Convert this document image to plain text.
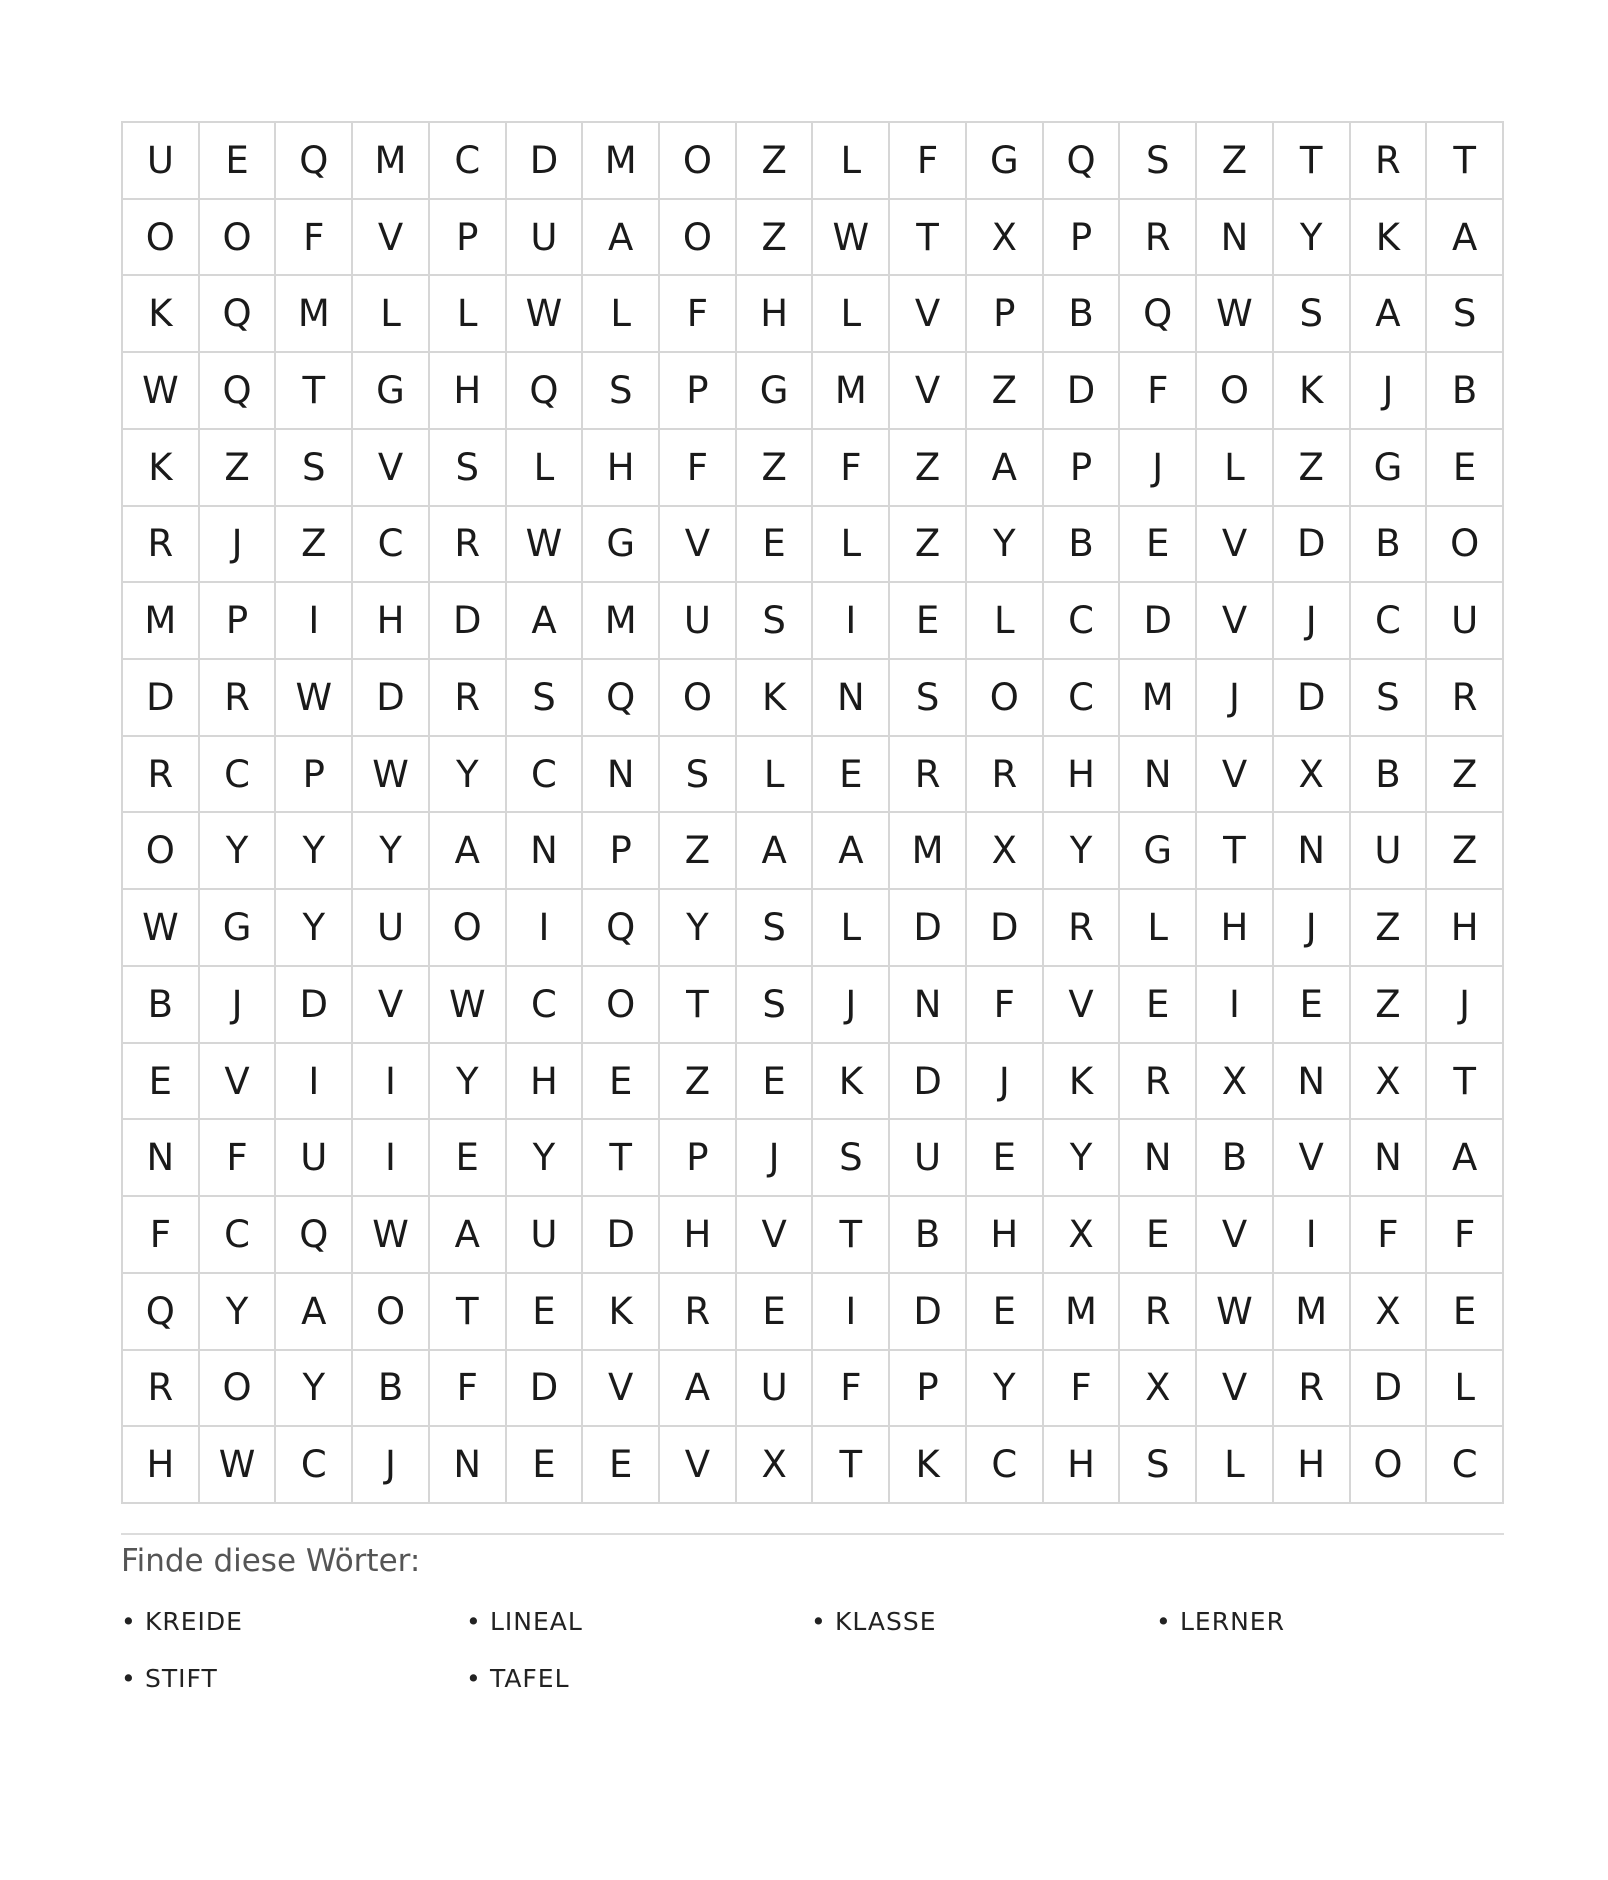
U	E	Q	M	C	D	M	O	Z	L	F	G	Q	S	Z	T	R	T
O	O	F	V	P	U	A	O	Z	W	T	X	P	R	N	Y	K	A
K	Q	M	L	L	W	L	F	H	L	V	P	B	Q	W	S	A	S
W	Q	T	G	H	Q	S	P	G	M	V	Z	D	F	O	K	J	B
K	Z	S	V	S	L	H	F	Z	F	Z	A	P	J	L	Z	G	E
R	J	Z	C	R	W	G	V	E	L	Z	Y	B	E	V	D	B	O
M	P	I	H	D	A	M	U	S	I	E	L	C	D	V	J	C	U
D	R	W	D	R	S	Q	O	K	N	S	O	C	M	J	D	S	R
R	C	P	W	Y	C	N	S	L	E	R	R	H	N	V	X	B	Z
O	Y	Y	Y	A	N	P	Z	A	A	M	X	Y	G	T	N	U	Z
W	G	Y	U	O	I	Q	Y	S	L	D	D	R	L	H	J	Z	H
B	J	D	V	W	C	O	T	S	J	N	F	V	E	I	E	Z	J
E	V	I	I	Y	H	E	Z	E	K	D	J	K	R	X	N	X	T
N	F	U	I	E	Y	T	P	J	S	U	E	Y	N	B	V	N	A
F	C	Q	W	A	U	D	H	V	T	B	H	X	E	V	I	F	F
Q	Y	A	O	T	E	K	R	E	I	D	E	M	R	W	M	X	E
R	O	Y	B	F	D	V	A	U	F	P	Y	F	X	V	R	D	L
H	W	C	J	N	E	E	V	X	T	K	C	H	S	L	H	O	C
Finde diese Wörter:
• KREIDE	• LINEAL	• KLASSE	• LERNER
• STIFT	• TAFEL
